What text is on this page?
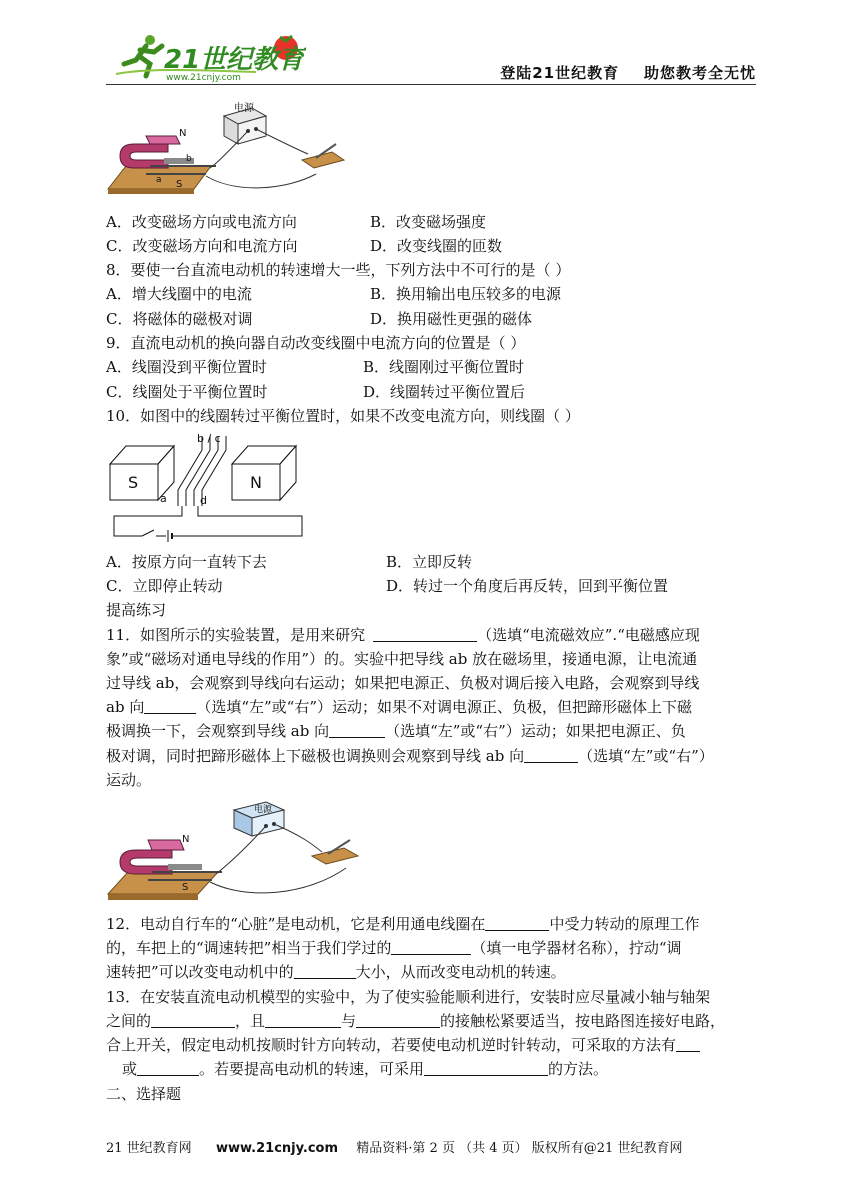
21世纪教育
www.21cnjy.com	登陆21世纪教育    助您教考全无忧
电源
N
S
b
a
A．改变磁场方向或电流方向	B．改变磁场强度
C．改变磁场方向和电流方向	D．改变线圈的匝数
8．要使一台直流电动机的转速增大一些，下列方法中不可行的是（ ）
A．增大线圈中的电流	B．换用输出电压较多的电源
C．将磁体的磁极对调	D．换用磁性更强的磁体
9．直流电动机的换向器自动改变线圈中电流方向的位置是（ ）
A．线圈没到平衡位置时	B．线圈刚过平衡位置时
C．线圈处于平衡位置时	D．线圈转过平衡位置后
10．如图中的线圈转过平衡位置时，如果不改变电流方向，则线圈（ ）
S	N
b / c
a	d
A．按原方向一直转下去	B．立即反转
C．立即停止转动	D．转过一个角度后再反转，回到平衡位置
提高练习
11．如图所示的实验装置，是用来研究	（选填“电流磁效应”.“电磁感应现
象”或“磁场对通电导线的作用”）的。实验中把导线 ab 放在磁场里，接通电源，让电流通
过导线 ab，会观察到导线向右运动；如果把电源正、负极对调后接入电路，会观察到导线
ab 向	（选填“左”或“右”）运动；如果不对调电源正、负极，但把蹄形磁体上下磁
极调换一下，会观察到导线 ab 向	（选填“左”或“右”）运动；如果把电源正、负
极对调，同时把蹄形磁体上下磁极也调换则会观察到导线 ab 向	（选填“左”或“右”）
运动。
电源
N
S
12．电动自行车的“心脏”是电动机，它是利用通电线圈在	中受力转动的原理工作
的，车把上的“调速转把”相当于我们学过的	（填一电学器材名称），拧动“调
速转把”可以改变电动机中的	大小，从而改变电动机的转速。
13．在安装直流电动机模型的实验中，为了使实验能顺利进行，安装时应尽量减小轴与轴架
之间的	，且	与	的接触松紧要适当，按电路图连接好电路，
合上开关，假定电动机按顺时针方向转动，若要使电动机逆时针转动，可采取的方法有
或	。若要提高电动机的转速，可采用	的方法。
二、选择题
21 世纪教育网 www.21cnjy.com 精品资料·第 2 页 （共 4 页） 版权所有@21 世纪教育网
